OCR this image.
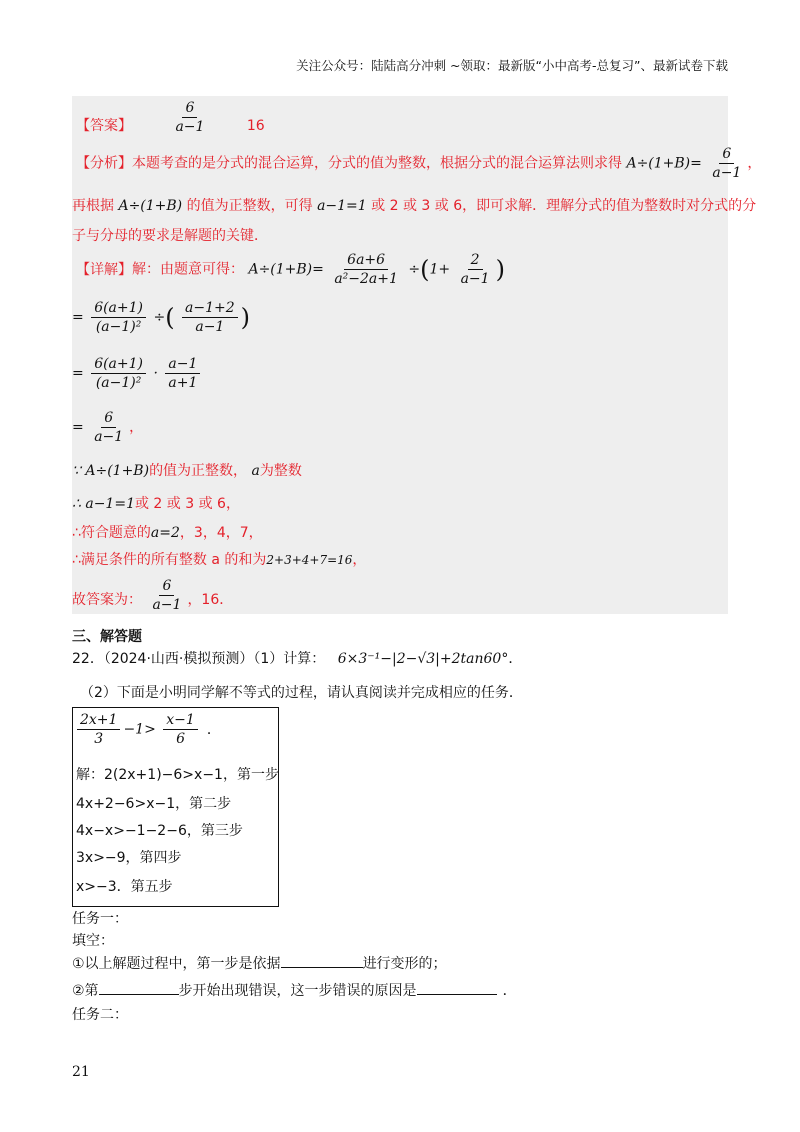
关注公众号：陆陆高分冲刺 ~领取：最新版“小中高考-总复习”、最新试卷下载
【答案】	$\frac{6}{a-1}$	16
【分析】本题考查的是分式的混合运算，分式的值为整数，根据分式的混合运算法则求得 $A\div(1+B)= \frac{6}{a-1}$ ，
再根据 A÷(1+B) 的值为正整数，可得 a−1=1 或 2 或 3 或 6，即可求解．理解分式的值为整数时对分式的分
子与分母的要求是解题的关键．
【详解】解：由题意可得： $A\div(1+B)= \frac{6a+6}{\text{a²−2a+1}} \div(1+ \frac{2}{a-1}$ )
= $\frac{6(a+1)}{\text{(a−1)²}}$ ÷( $\frac{a-1+2}{a-1}$ )
= $\frac{6(a+1)}{\text{(a−1)²}} \cdot \frac{a-1}{a+1}$
= $\frac{6}{a-1}$ ，
∵ A÷(1+B)的值为正整数， a为整数
∴ a−1=1或 2 或 3 或 6，
∴符合题意的a=2，3，4，7，
∴满足条件的所有整数 a 的和为2+3+4+7=16，
故答案为： $\frac{6}{a-1}$ ，16．
三、解答题
22．（2024·山西·模拟预测）（1）计算： 6×3⁻¹−|2−√3|+2tan60°．
（2）下面是小明同学解不等式的过程，请认真阅读并完成相应的任务．
$\frac{2x+1}{3} -1> \frac{x-1}{6}$ ．
解：2(2x+1)−6>x−1，第一步
4x+2−6>x−1，第二步
4x−x>−1−2−6，第三步
3x>−9，第四步
x>−3．第五步
任务一：
填空：
①以上解题过程中，第一步是依据	进行变形的；
②第	步开始出现错误，这一步错误的原因是	．
任务二：
21
